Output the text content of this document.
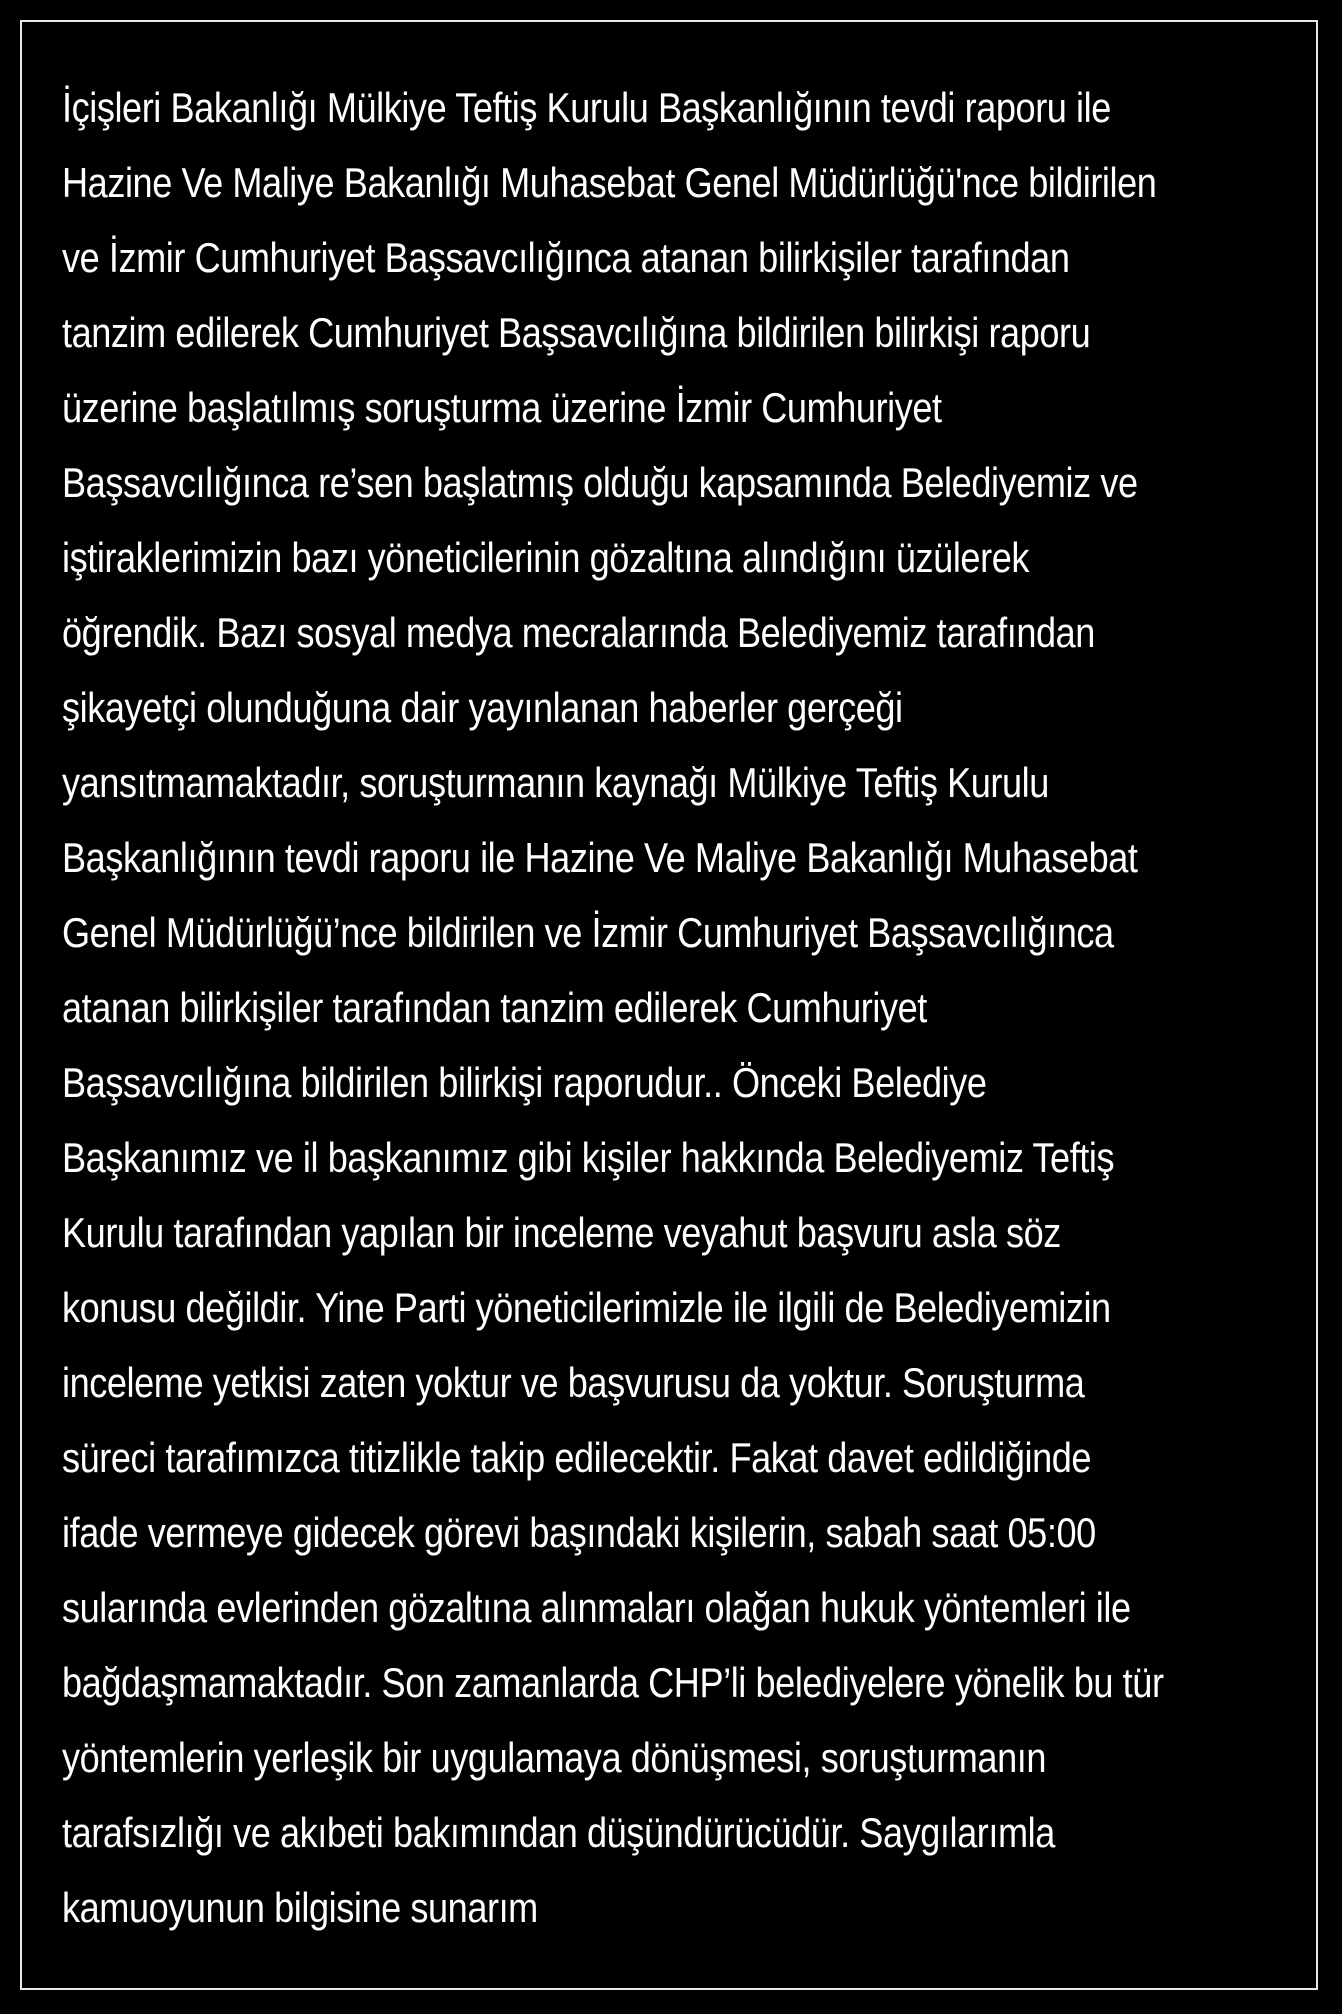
İçişleri Bakanlığı Mülkiye Teftiş Kurulu Başkanlığının tevdi raporu ile
Hazine Ve Maliye Bakanlığı Muhasebat Genel Müdürlüğü'nce bildirilen
ve İzmir Cumhuriyet Başsavcılığınca atanan bilirkişiler tarafından
tanzim edilerek Cumhuriyet Başsavcılığına bildirilen bilirkişi raporu
üzerine başlatılmış soruşturma üzerine İzmir Cumhuriyet
Başsavcılığınca re’sen başlatmış olduğu kapsamında Belediyemiz ve
iştiraklerimizin bazı yöneticilerinin gözaltına alındığını üzülerek
öğrendik. Bazı sosyal medya mecralarında Belediyemiz tarafından
şikayetçi olunduğuna dair yayınlanan haberler gerçeği
yansıtmamaktadır, soruşturmanın kaynağı Mülkiye Teftiş Kurulu
Başkanlığının tevdi raporu ile Hazine Ve Maliye Bakanlığı Muhasebat
Genel Müdürlüğü’nce bildirilen ve İzmir Cumhuriyet Başsavcılığınca
atanan bilirkişiler tarafından tanzim edilerek Cumhuriyet
Başsavcılığına bildirilen bilirkişi raporudur.. Önceki Belediye
Başkanımız ve il başkanımız gibi kişiler hakkında Belediyemiz Teftiş
Kurulu tarafından yapılan bir inceleme veyahut başvuru asla söz
konusu değildir. Yine Parti yöneticilerimizle ile ilgili de Belediyemizin
inceleme yetkisi zaten yoktur ve başvurusu da yoktur. Soruşturma
süreci tarafımızca titizlikle takip edilecektir. Fakat davet edildiğinde
ifade vermeye gidecek görevi başındaki kişilerin, sabah saat 05:00
sularında evlerinden gözaltına alınmaları olağan hukuk yöntemleri ile
bağdaşmamaktadır. Son zamanlarda CHP’li belediyelere yönelik bu tür
yöntemlerin yerleşik bir uygulamaya dönüşmesi, soruşturmanın
tarafsızlığı ve akıbeti bakımından düşündürücüdür. Saygılarımla
kamuoyunun bilgisine sunarım
